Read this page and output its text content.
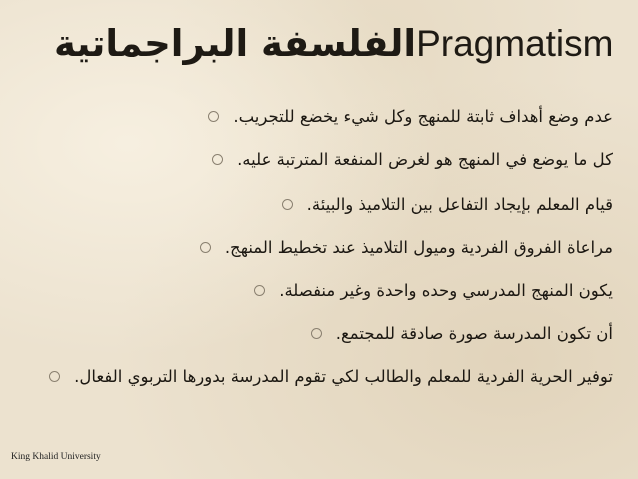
الفلسفة البراجماتيةPragmatism
عدم وضع أهداف ثابتة للمنهج وكل شيء يخضع للتجريب.
كل ما يوضع في المنهج هو لغرض المنفعة المترتبة عليه.
قيام المعلم بإيجاد التفاعل بين التلاميذ والبيئة.
مراعاة الفروق الفردية وميول التلاميذ عند تخطيط المنهج.
يكون المنهج المدرسي وحده واحدة وغير منفصلة.
أن تكون المدرسة صورة صادقة للمجتمع.
توفير الحرية الفردية للمعلم والطالب لكي تقوم المدرسة بدورها التربوي الفعال.
King Khalid University
